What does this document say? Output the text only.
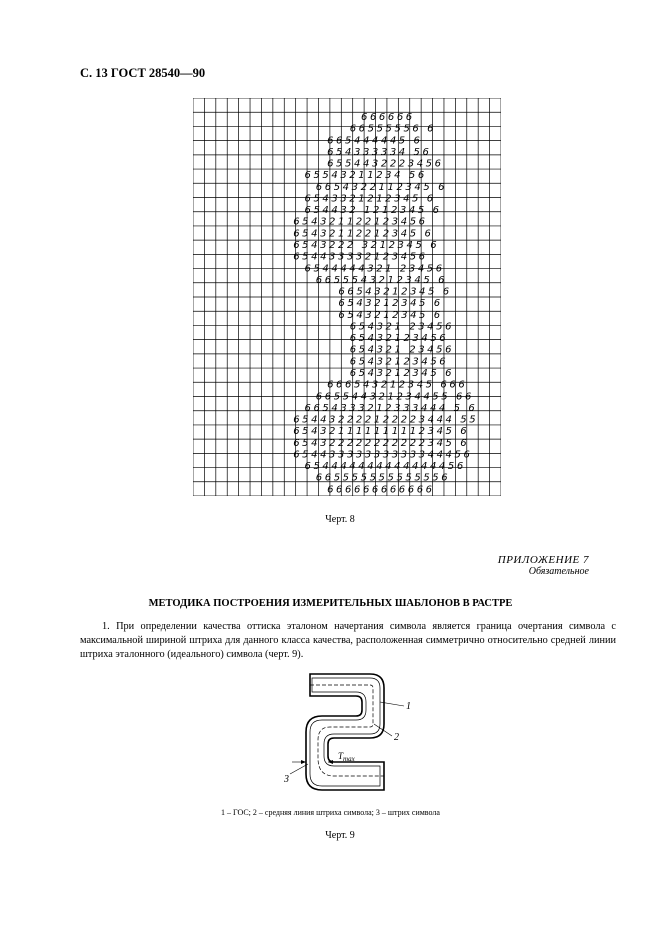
С. 13 ГОСТ 28540—90
666666
66555556 6
665444445 6
654333334 56
6554432223456
65543211234 56
6654322112345 6
6543321212345 6
654432 1212345 6
654321122123456
65432112212345 6
6543222 3212345 6
654433332123456
6544444321 23456
6655543212345 6
66543212345 6
6543212345 6
6543212345 6
654321 23456
65432123456
654321 23456
65432123456
6543212345 6
666543212345 666
665544321234455 66
6654333212333444 5 6
654432222122223444 55
654321111111112345 6
654322222222222345 6
65443333333333344456
654444444444444456
665555555555556
666666666666
Черт. 8
ПРИЛОЖЕНИЕ 7
Обязательное
МЕТОДИКА ПОСТРОЕНИЯ ИЗМЕРИТЕЛЬНЫХ ШАБЛОНОВ В РАСТРЕ
1. При определении качества оттиска эталоном начертания символа является граница очертания символа с максимальной шириной штриха для данного класса качества, расположенная симметрично относительно средней линии штриха эталонного (идеального) символа (черт. 9).
1
2
3
$T_{max}$
1 – ГОС; 2 – средняя линия штриха символа; 3 – штрих символа
Черт. 9
